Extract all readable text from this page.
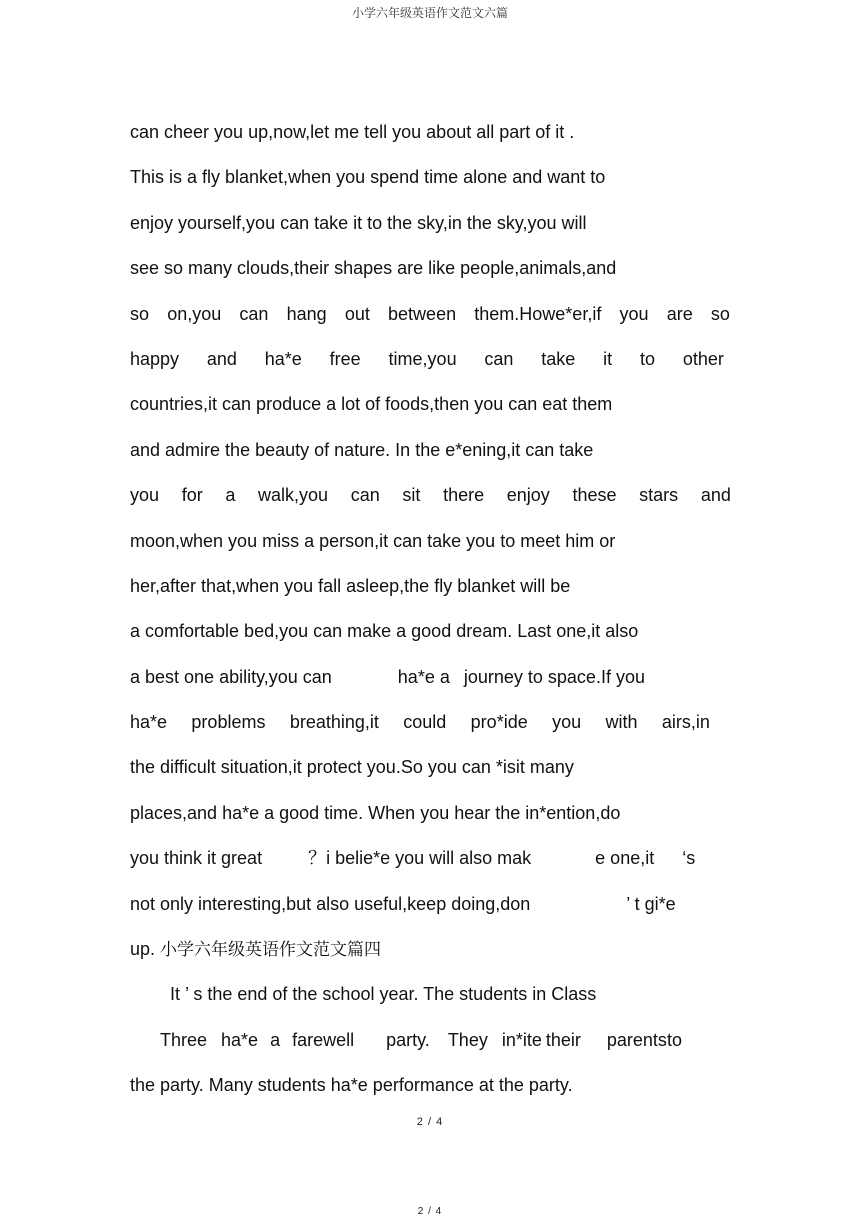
小学六年级英语作文范文六篇
can cheer you up,now,let me tell you about all part of it .
This is a fly blanket,when you spend time alone and want to
enjoy yourself,you can take it to the sky,in the sky,you will
see so many clouds,their shapes are like people,animals,and
so on,you can hang out between them.Howe*er,if you are so
happy and ha*e free time,you can take it to other
countries,it can produce a lot of foods,then you can eat them
and admire the beauty of nature. In the e*ening,it can take
you for a walk,you can sit there enjoy these stars and
moon,when you miss a person,it can take you to meet him or
her,after that,when you fall asleep,the fly blanket will be
a comfortable bed,you can make a good dream. Last one,it also
a best one ability,you can	ha*e a journey to space.If you
ha*e problems breathing,it could pro*ide you with airs,in
the difficult situation,it protect you.So you can *isit many
places,and ha*e a good time. When you hear the in*ention,do
you think it great	？i belie*e you will also mak	e one,it ‘s
not only interesting,but also useful,keep doing,don	’ t gi*e
up. 小学六年级英语作文范文篇四
It ’ s the end of the school year. The students in Class
Three ha*e a farewell party. They in*ite their parents to
the party. Many students ha*e performance at the party.
2 / 4
2 / 4
